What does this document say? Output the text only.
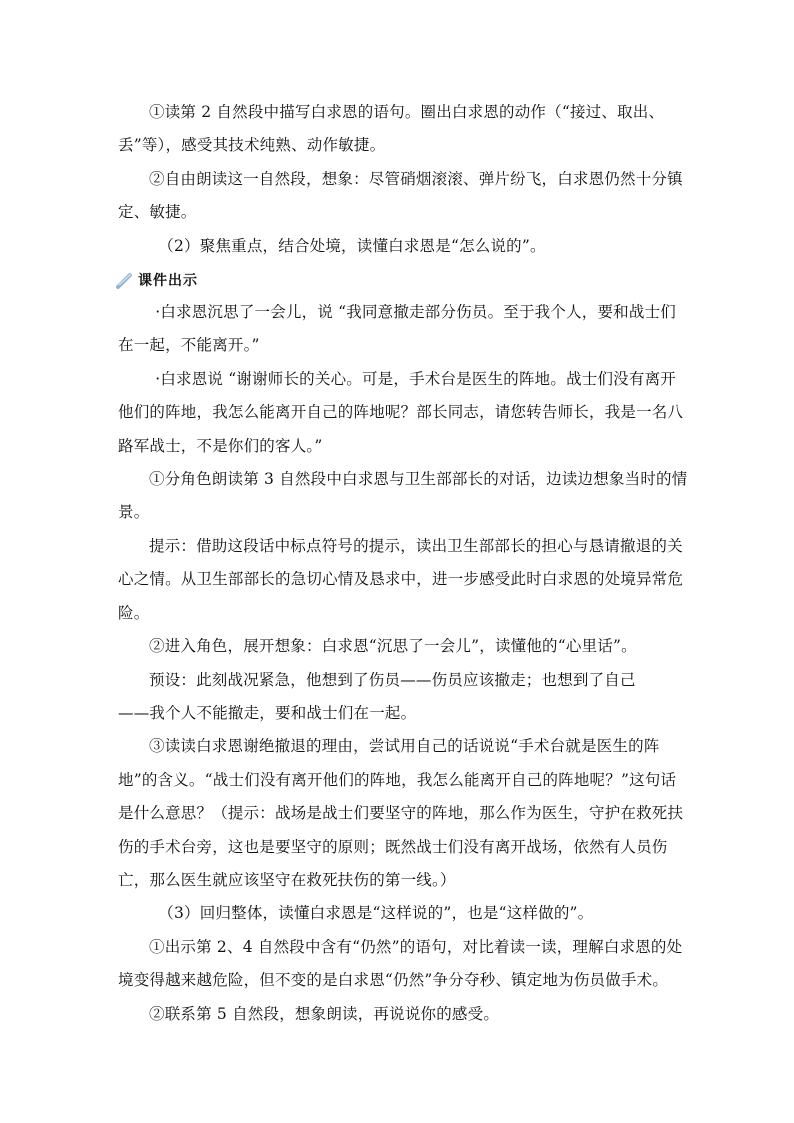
①读第 2 自然段中描写白求恩的语句。圈出白求恩的动作（“接过、取出、丢”等），感受其技术纯熟、动作敏捷。

②自由朗读这一自然段，想象：尽管硝烟滚滚、弹片纷飞，白求恩仍然十分镇定、敏捷。

（2）聚焦重点，结合处境，读懂白求恩是“怎么说的”。

课件出示

·白求恩沉思了一会儿，说 “我同意撤走部分伤员。至于我个人，要和战士们在一起，不能离开。”

·白求恩说 “谢谢师长的关心。可是，手术台是医生的阵地。战士们没有离开他们的阵地，我怎么能离开自己的阵地呢？部长同志，请您转告师长，我是一名八路军战士，不是你们的客人。”

①分角色朗读第 3 自然段中白求恩与卫生部部长的对话，边读边想象当时的情景。

提示：借助这段话中标点符号的提示，读出卫生部部长的担心与恳请撤退的关心之情。从卫生部部长的急切心情及恳求中，进一步感受此时白求恩的处境异常危险。

②进入角色，展开想象：白求恩“沉思了一会儿”，读懂他的“心里话”。

预设：此刻战况紧急，他想到了伤员——伤员应该撤走；也想到了自己

——我个人不能撤走，要和战士们在一起。

③读读白求恩谢绝撤退的理由，尝试用自己的话说说“手术台就是医生的阵地”的含义。“战士们没有离开他们的阵地，我怎么能离开自己的阵地呢？”这句话是什么意思？（提示：战场是战士们要坚守的阵地，那么作为医生，守护在救死扶伤的手术台旁，这也是要坚守的原则；既然战士们没有离开战场，依然有人员伤亡，那么医生就应该坚守在救死扶伤的第一线。）

（3）回归整体，读懂白求恩是“这样说的”，也是“这样做的”。

①出示第 2、4 自然段中含有“仍然”的语句，对比着读一读，理解白求恩的处境变得越来越危险，但不变的是白求恩“仍然”争分夺秒、镇定地为伤员做手术。

②联系第 5 自然段，想象朗读，再说说你的感受。
